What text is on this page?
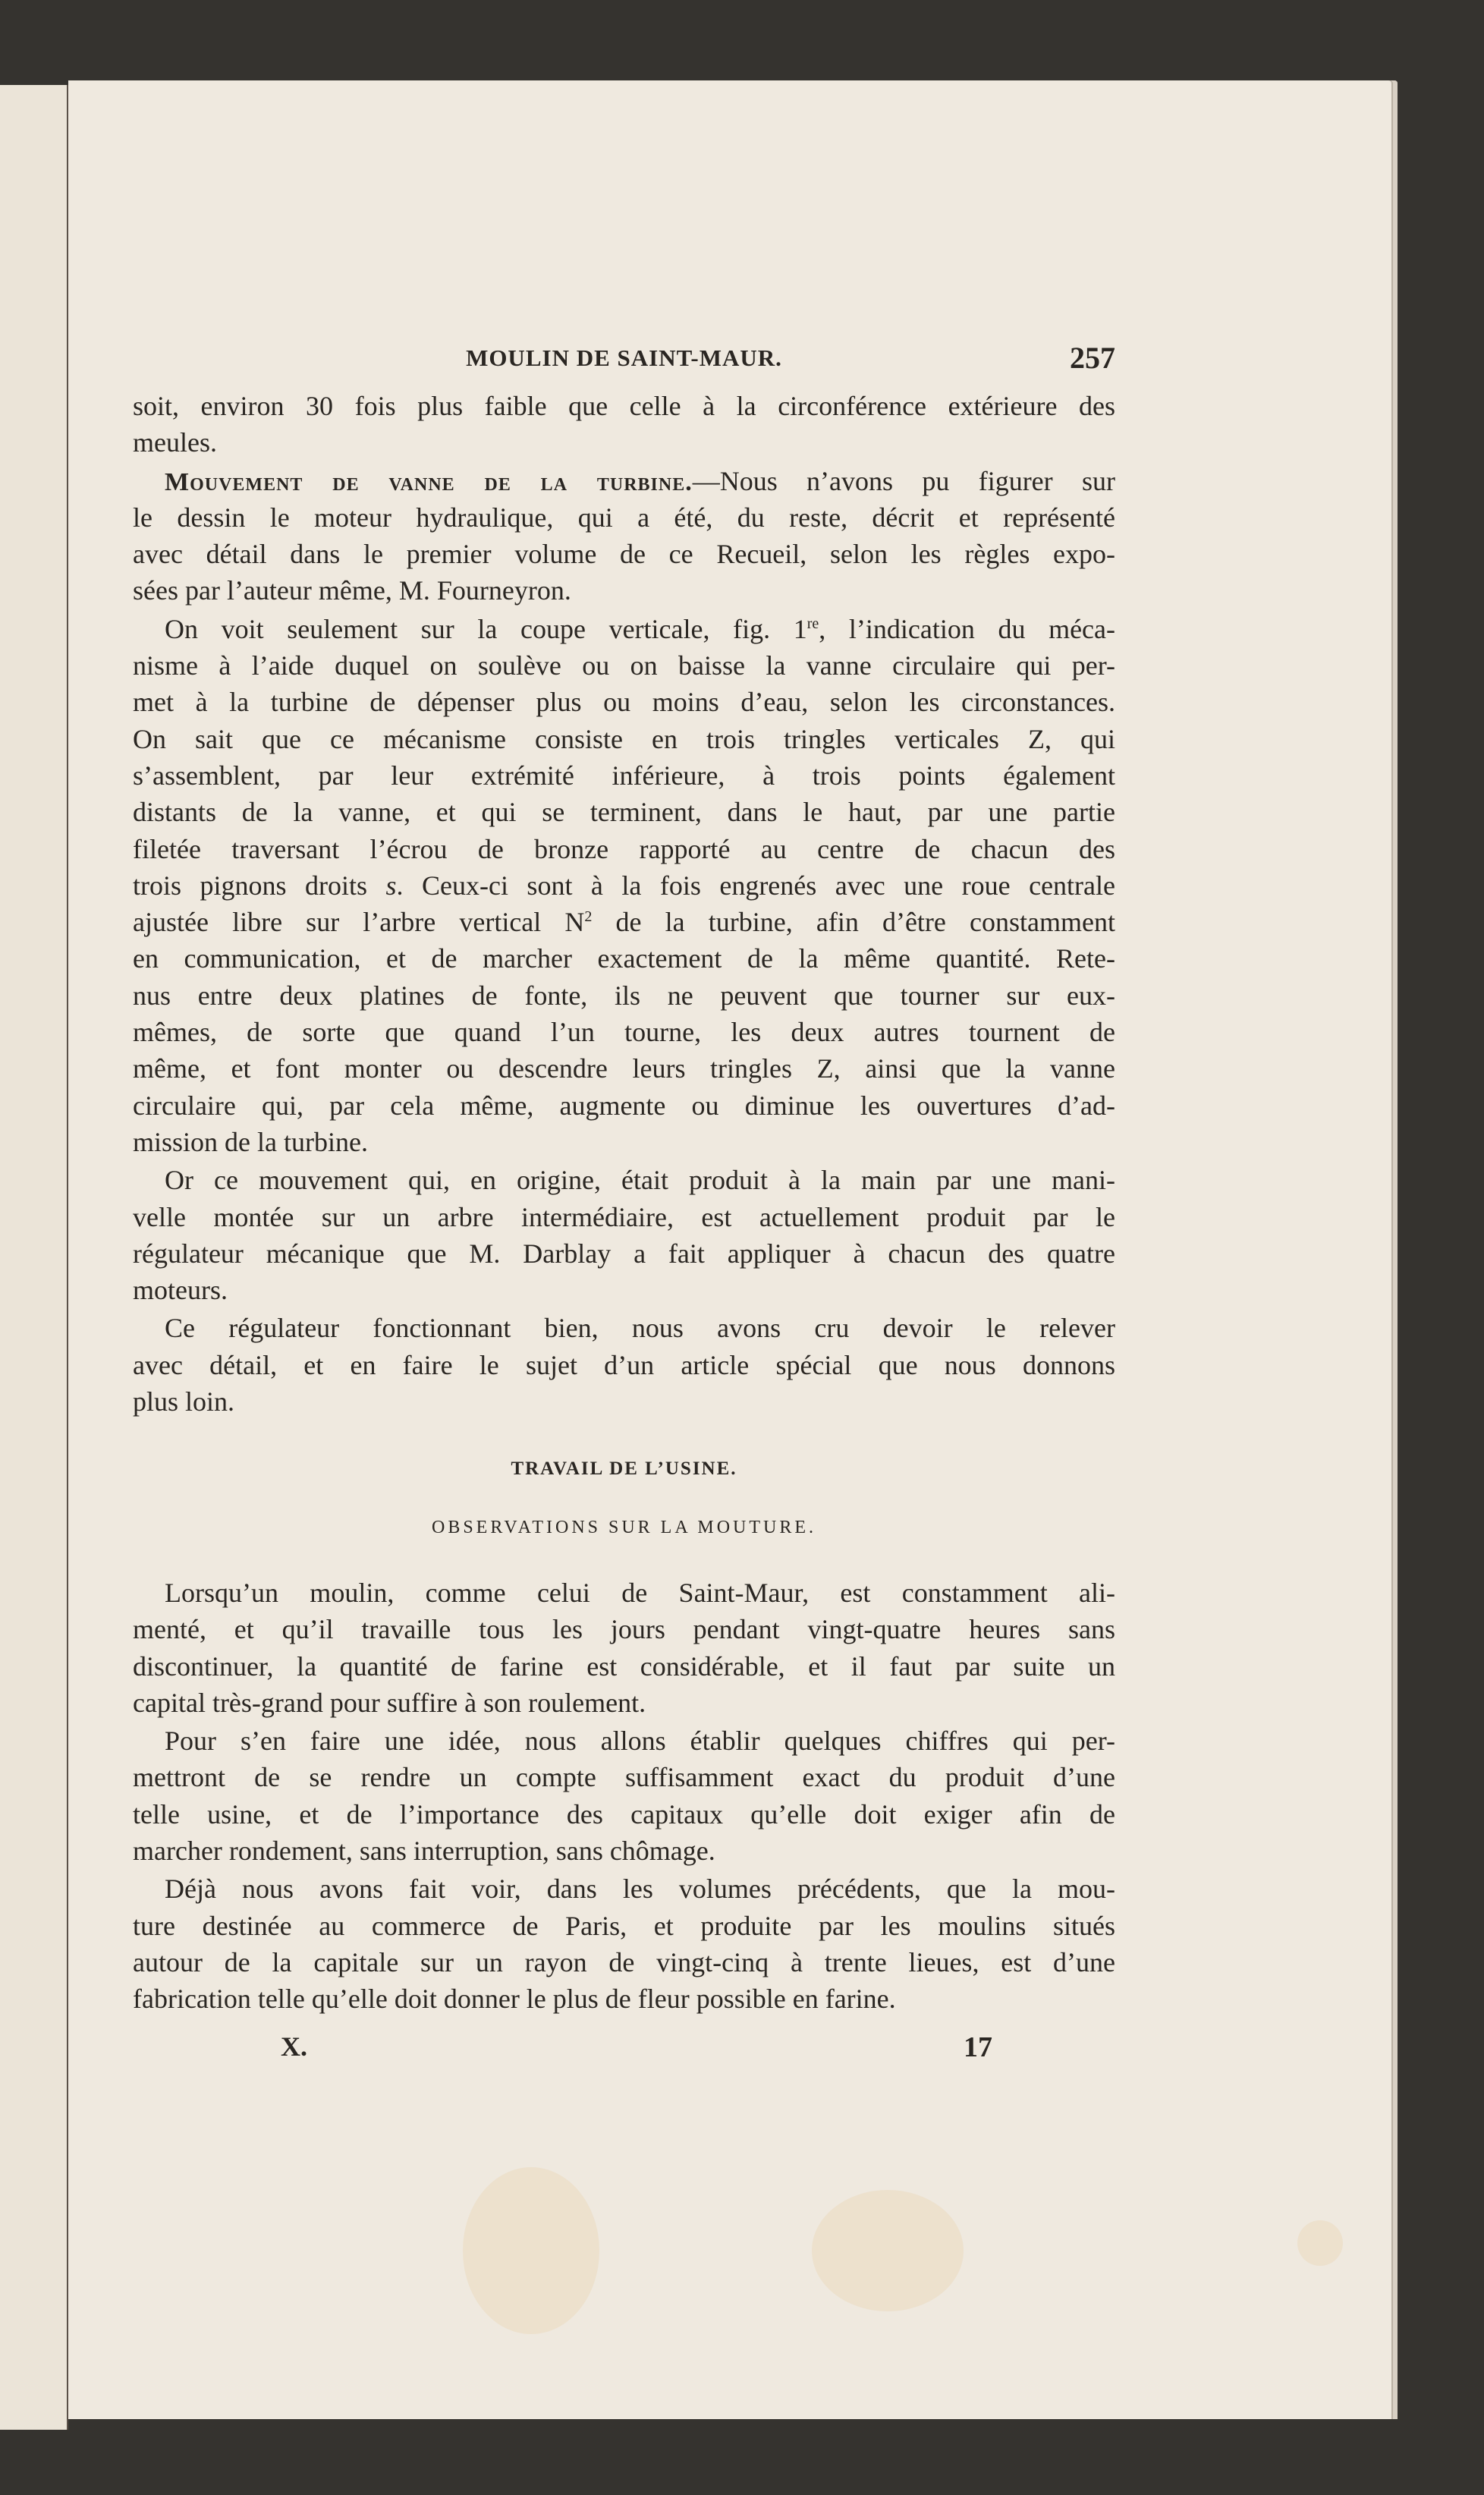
MOULIN DE SAINT-MAUR.	257
soit, environ 30 fois plus faible que celle à la circonférence extérieure des
meules.
Mouvement de vanne de la turbine.—Nous n’avons pu figurer sur
le dessin le moteur hydraulique, qui a été, du reste, décrit et représenté
avec détail dans le premier volume de ce Recueil, selon les règles expo-
sées par l’auteur même, M. Fourneyron.
On voit seulement sur la coupe verticale, fig. 1re, l’indication du méca-
nisme à l’aide duquel on soulève ou on baisse la vanne circulaire qui per-
met à la turbine de dépenser plus ou moins d’eau, selon les circonstances.
On sait que ce mécanisme consiste en trois tringles verticales Z, qui
s’assemblent, par leur extrémité inférieure, à trois points également
distants de la vanne, et qui se terminent, dans le haut, par une partie
filetée traversant l’écrou de bronze rapporté au centre de chacun des
trois pignons droits s. Ceux-ci sont à la fois engrenés avec une roue centrale
ajustée libre sur l’arbre vertical $N^2$ de la turbine, afin d’être constamment
en communication, et de marcher exactement de la même quantité. Rete-
nus entre deux platines de fonte, ils ne peuvent que tourner sur eux-
mêmes, de sorte que quand l’un tourne, les deux autres tournent de
même, et font monter ou descendre leurs tringles Z, ainsi que la vanne
circulaire qui, par cela même, augmente ou diminue les ouvertures d’ad-
mission de la turbine.
Or ce mouvement qui, en origine, était produit à la main par une mani-
velle montée sur un arbre intermédiaire, est actuellement produit par le
régulateur mécanique que M. Darblay a fait appliquer à chacun des quatre
moteurs.
Ce régulateur fonctionnant bien, nous avons cru devoir le relever
avec détail, et en faire le sujet d’un article spécial que nous donnons
plus loin.
TRAVAIL DE L’USINE.
OBSERVATIONS SUR LA MOUTURE.
Lorsqu’un moulin, comme celui de Saint-Maur, est constamment ali-
menté, et qu’il travaille tous les jours pendant vingt-quatre heures sans
discontinuer, la quantité de farine est considérable, et il faut par suite un
capital très-grand pour suffire à son roulement.
Pour s’en faire une idée, nous allons établir quelques chiffres qui per-
mettront de se rendre un compte suffisamment exact du produit d’une
telle usine, et de l’importance des capitaux qu’elle doit exiger afin de
marcher rondement, sans interruption, sans chômage.
Déjà nous avons fait voir, dans les volumes précédents, que la mou-
ture destinée au commerce de Paris, et produite par les moulins situés
autour de la capitale sur un rayon de vingt-cinq à trente lieues, est d’une
fabrication telle qu’elle doit donner le plus de fleur possible en farine.
X.	17
